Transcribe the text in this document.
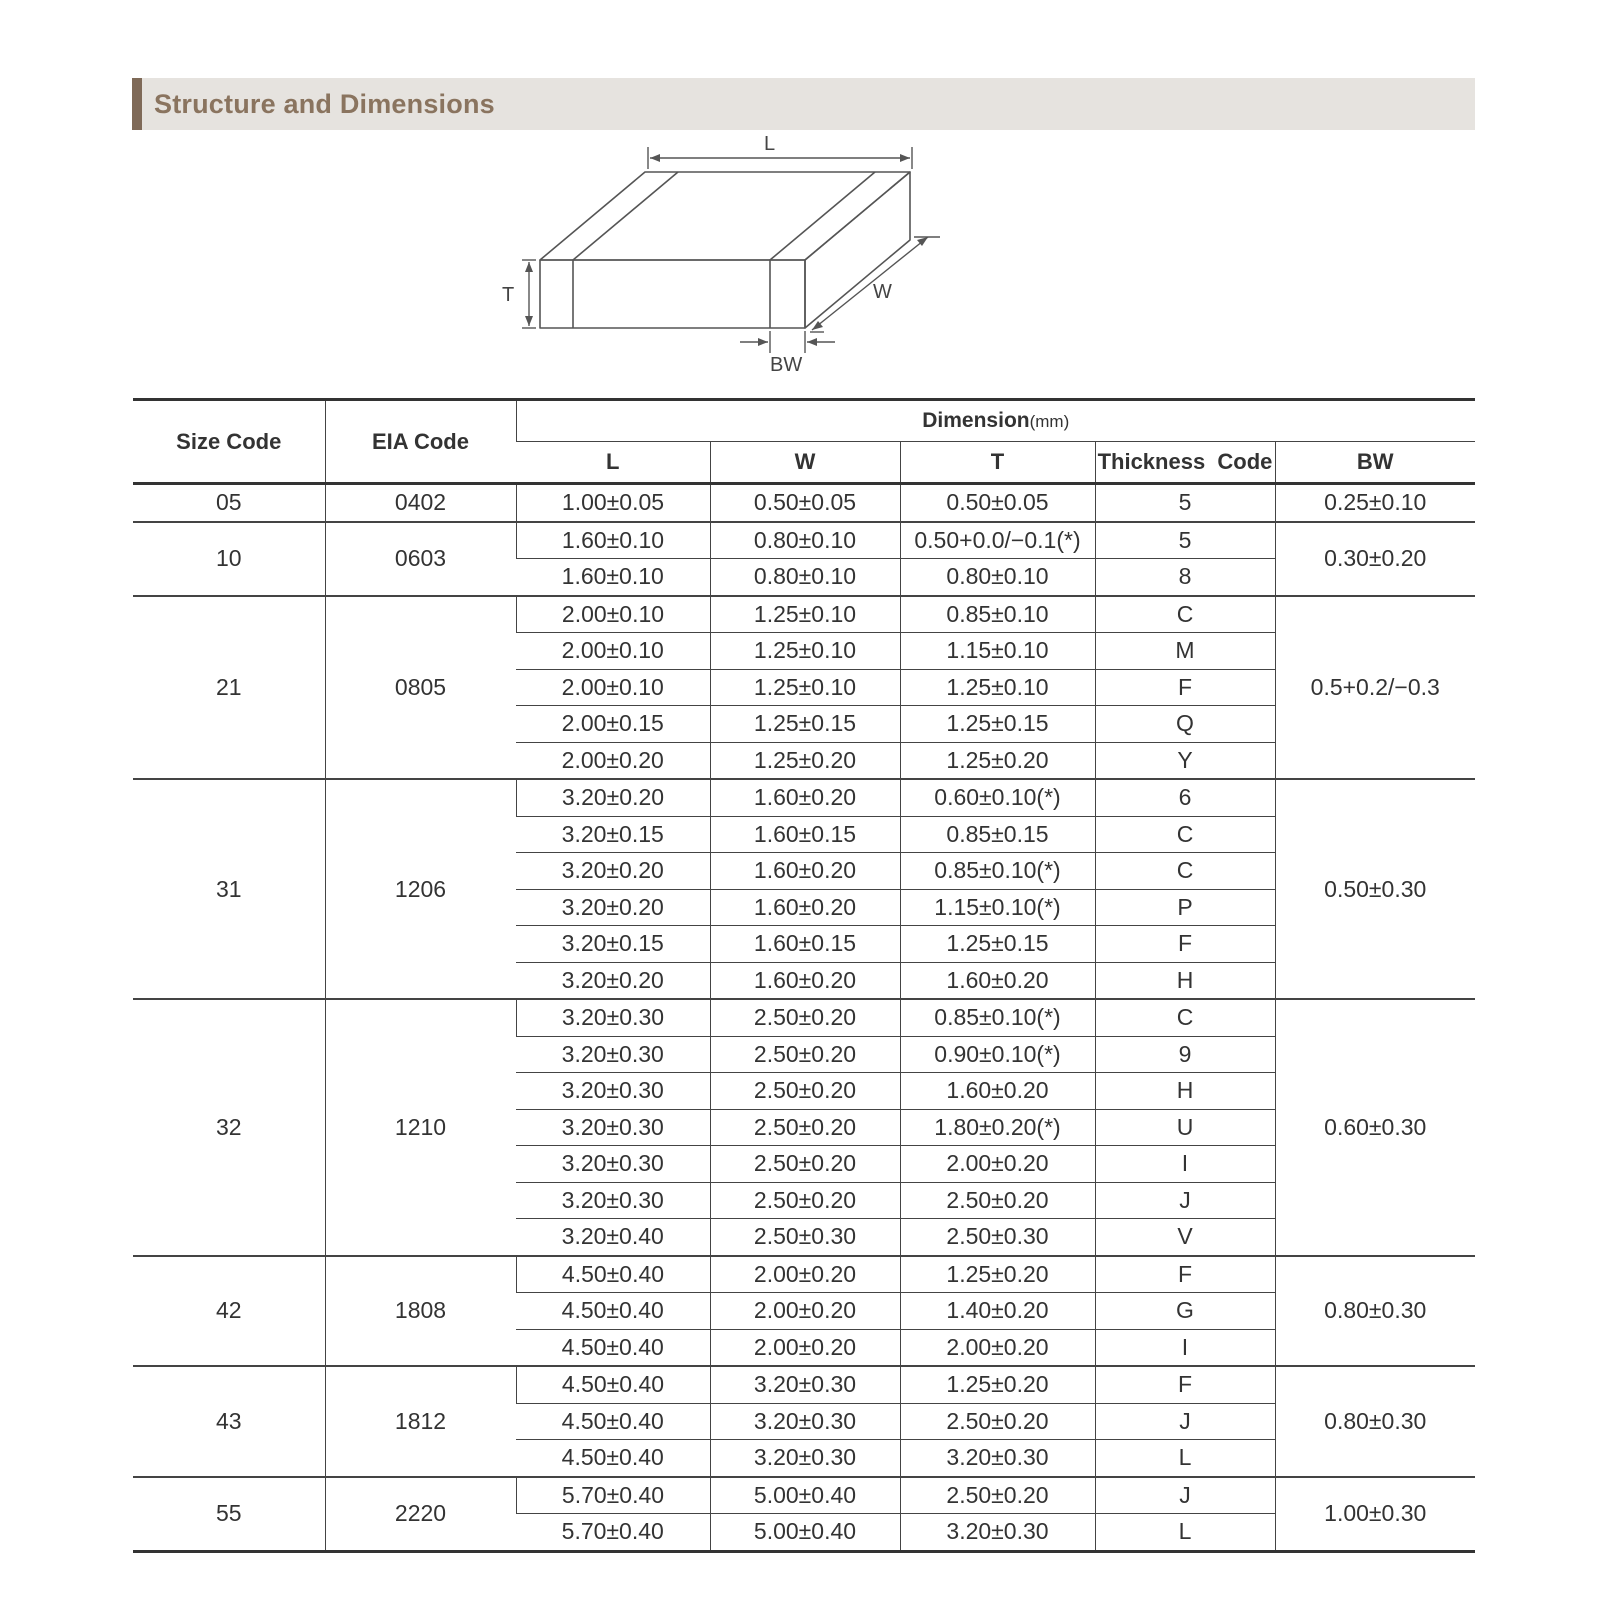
Structure and Dimensions
L
T	W
BW
Size Code	EIA Code	Dimension(mm)				
		L	W	T	Thickness  Code	BW
05	0402	1.00±0.05	0.50±0.05	0.50±0.05	5	0.25±0.10
10	0603	1.60±0.10	0.80±0.10	0.50+0.0/−0.1(*)	5	0.30±0.20
		1.60±0.10	0.80±0.10	0.80±0.10	8	
21	0805	2.00±0.10	1.25±0.10	0.85±0.10	C	0.5+0.2/−0.3
		2.00±0.10	1.25±0.10	1.15±0.10	M	
		2.00±0.10	1.25±0.10	1.25±0.10	F	
		2.00±0.15	1.25±0.15	1.25±0.15	Q	
		2.00±0.20	1.25±0.20	1.25±0.20	Y	
31	1206	3.20±0.20	1.60±0.20	0.60±0.10(*)	6	0.50±0.30
		3.20±0.15	1.60±0.15	0.85±0.15	C	
		3.20±0.20	1.60±0.20	0.85±0.10(*)	C	
		3.20±0.20	1.60±0.20	1.15±0.10(*)	P	
		3.20±0.15	1.60±0.15	1.25±0.15	F	
		3.20±0.20	1.60±0.20	1.60±0.20	H	
32	1210	3.20±0.30	2.50±0.20	0.85±0.10(*)	C	0.60±0.30
		3.20±0.30	2.50±0.20	0.90±0.10(*)	9	
		3.20±0.30	2.50±0.20	1.60±0.20	H	
		3.20±0.30	2.50±0.20	1.80±0.20(*)	U	
		3.20±0.30	2.50±0.20	2.00±0.20	I	
		3.20±0.30	2.50±0.20	2.50±0.20	J	
		3.20±0.40	2.50±0.30	2.50±0.30	V	
42	1808	4.50±0.40	2.00±0.20	1.25±0.20	F	0.80±0.30
		4.50±0.40	2.00±0.20	1.40±0.20	G	
		4.50±0.40	2.00±0.20	2.00±0.20	I	
43	1812	4.50±0.40	3.20±0.30	1.25±0.20	F	0.80±0.30
		4.50±0.40	3.20±0.30	2.50±0.20	J	
		4.50±0.40	3.20±0.30	3.20±0.30	L	
55	2220	5.70±0.40	5.00±0.40	2.50±0.20	J	1.00±0.30
		5.70±0.40	5.00±0.40	3.20±0.30	L	
